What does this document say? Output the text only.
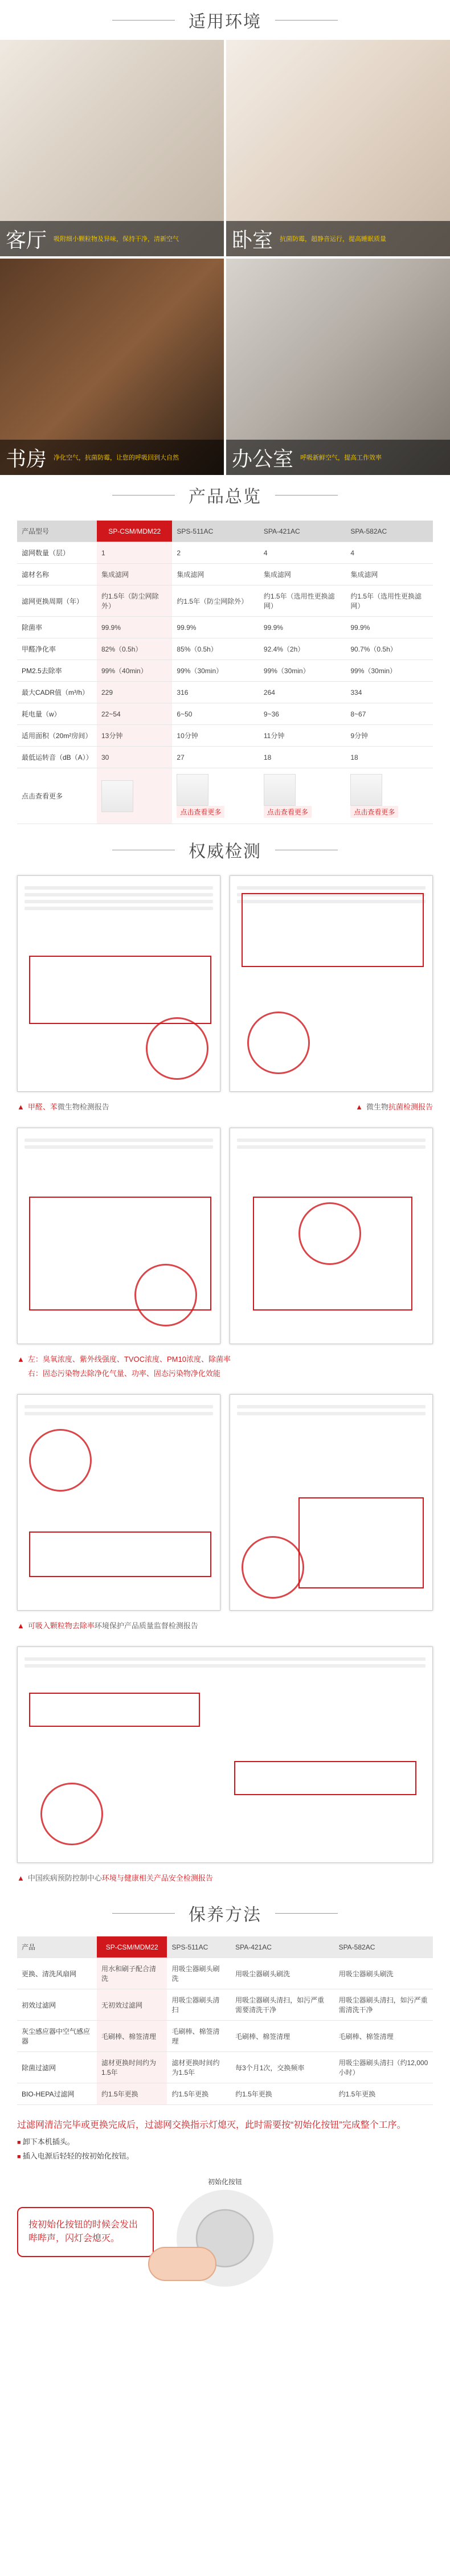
适用环境
客厅 吸附细小颗粒物及异味，保持干净，清新空气	卧室 抗菌防霉，超静音运行，提高睡眠质量
书房 净化空气，抗菌防霉，让您的呼吸回到大自然	办公室 呼吸新鲜空气，提高工作效率
产品总览
产品型号	SP-CSM/MDM22	SPS-511AC	SPA-421AC	SPA-582AC
滤网数量（层）	1	2	4	4
滤材名称	集成滤网	集成滤网	集成滤网	集成滤网
滤网更换周期（年）	约1.5年（防尘网除外）	约1.5年（防尘网除外）	约1.5年（选用性更换滤网）	约1.5年（选用性更换滤网）
除菌率	99.9%	99.9%	99.9%	99.9%
甲醛净化率	82%（0.5h）	85%（0.5h）	92.4%（2h）	90.7%（0.5h）
PM2.5去除率	99%（40min）	99%（30min）	99%（30min）	99%（30min）
最大CADR值（m³/h）	229	316	264	334
耗电量（w）	22~54	6~50	9~36	8~67
适用面积（20m²房间）	13分钟	10分钟	11分钟	9分钟
最低运转音（dB（A））	30	27	18	18
点击查看更多		点击查看更多	点击查看更多	点击查看更多
权威检测
▲ 甲醛、苯微生物检测报告	▲ 微生物抗菌检测报告
▲ 左：臭氧浓度、紫外线强度、TVOC浓度、PM10浓度、除菌率
右：固态污染物去除净化气量、功率、固态污染物净化效能
▲ 可吸入颗粒物去除率环境保护产品质量监督检测报告
▲ 中国疾病预防控制中心环境与健康相关产品安全检测报告
保养方法
产品	SP-CSM/MDM22	SPS-511AC	SPA-421AC	SPA-582AC
更换、清洗风扇网	用水和刷子配合清洗	用吸尘器刷头刷洗	用吸尘器刷头刷洗	用吸尘器刷头刷洗
初效过滤网	无初效过滤网	用吸尘器刷头清扫	用吸尘器刷头清扫，如污严重需要清洗干净	用吸尘器刷头清扫，如污严重需清洗干净
灰尘感应器中空气感应器	毛刷棒、棉签清理	毛刷棒、棉签清理	毛刷棒、棉签清理	毛刷棒、棉签清理
除菌过滤网	滤材更换时间约为1.5年	滤材更换时间约为1.5年	每3个月1次，交换频率	用吸尘器刷头清扫（约12,000小时）
BIO-HEPA过滤网	约1.5年更换	约1.5年更换	约1.5年更换	约1.5年更换
过滤网清洁完毕或更换完成后，过滤网交换指示灯熄灭，此时需要按“初始化按钮”完成整个工序。
■ 卸下本机插头。
■ 插入电源后轻轻的按初始化按钮。
按初始化按钮的时候会发出哔哔声，闪灯会熄灭。
初始化按钮
